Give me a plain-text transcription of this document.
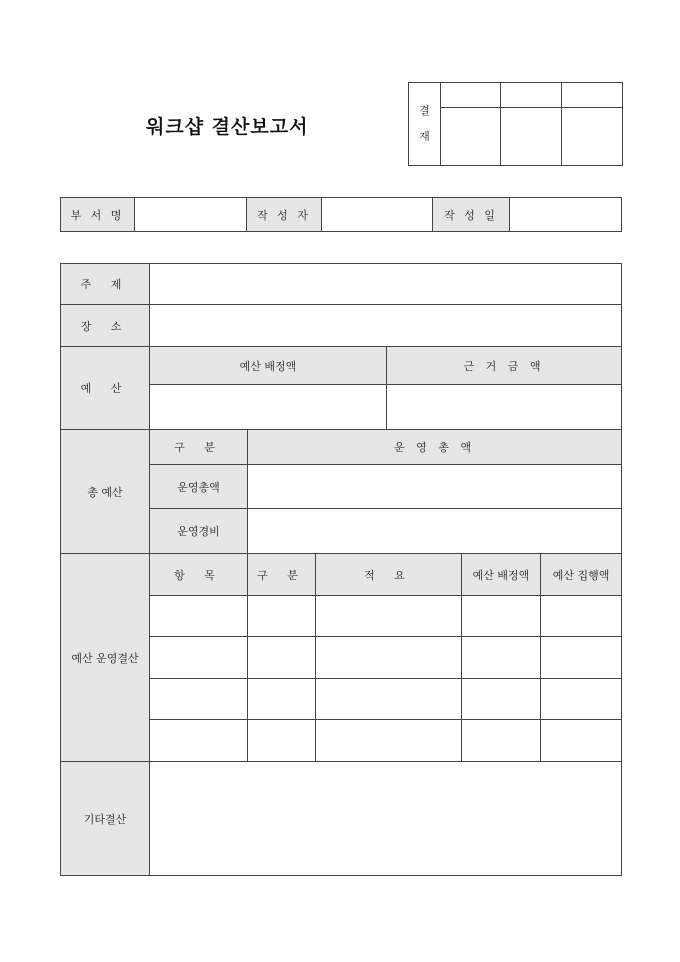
워크샵 결산보고서
결
재			

부 서 명		작 성 자		작 성 일	
주 제						
장 소						
예 산	예산 배정액			근 거 금 액		

총 예산	구 분	운 영 총 액				
	운영총액					
	운영경비					
예산 운영결산	항 목	구 분	적 요		예산 배정액	예산 집행액

기타결산						
